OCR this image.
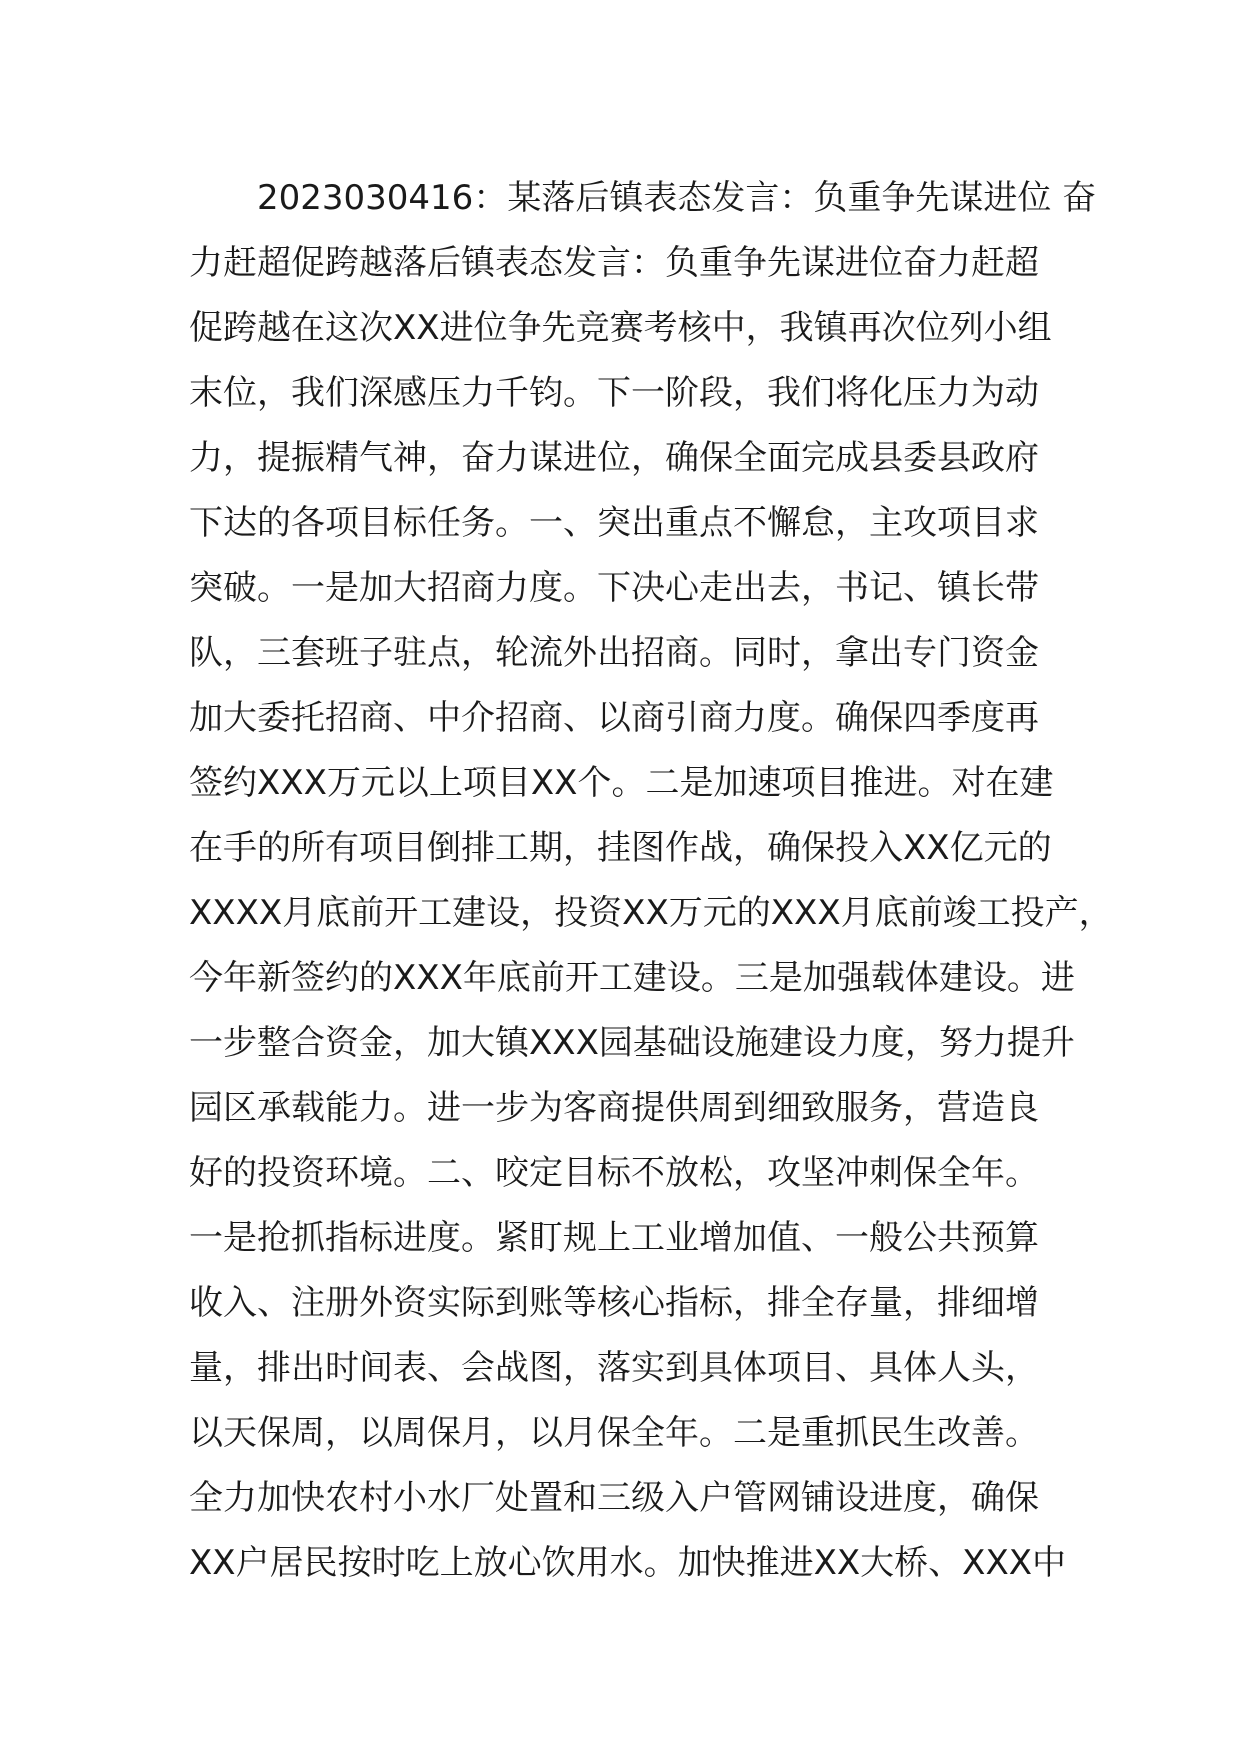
　　2023030416：某落后镇表态发言：负重争先谋进位 奋
力赶超促跨越落后镇表态发言：负重争先谋进位奋力赶超
促跨越在这次XX进位争先竞赛考核中，我镇再次位列小组
末位，我们深感压力千钧。下一阶段，我们将化压力为动
力，提振精气神，奋力谋进位，确保全面完成县委县政府
下达的各项目标任务。一、突出重点不懈怠，主攻项目求
突破。一是加大招商力度。下决心走出去，书记、镇长带
队，三套班子驻点，轮流外出招商。同时，拿出专门资金
加大委托招商、中介招商、以商引商力度。确保四季度再
签约XXX万元以上项目XX个。二是加速项目推进。对在建
在手的所有项目倒排工期，挂图作战，确保投入XX亿元的
XXXX月底前开工建设，投资XX万元的XXX月底前竣工投产，
今年新签约的XXX年底前开工建设。三是加强载体建设。进
一步整合资金，加大镇XXX园基础设施建设力度，努力提升
园区承载能力。进一步为客商提供周到细致服务，营造良
好的投资环境。二、咬定目标不放松，攻坚冲刺保全年。
一是抢抓指标进度。紧盯规上工业增加值、一般公共预算
收入、注册外资实际到账等核心指标，排全存量，排细增
量，排出时间表、会战图，落实到具体项目、具体人头，
以天保周，以周保月，以月保全年。二是重抓民生改善。
全力加快农村小水厂处置和三级入户管网铺设进度，确保
XX户居民按时吃上放心饮用水。加快推进XX大桥、XXX中
